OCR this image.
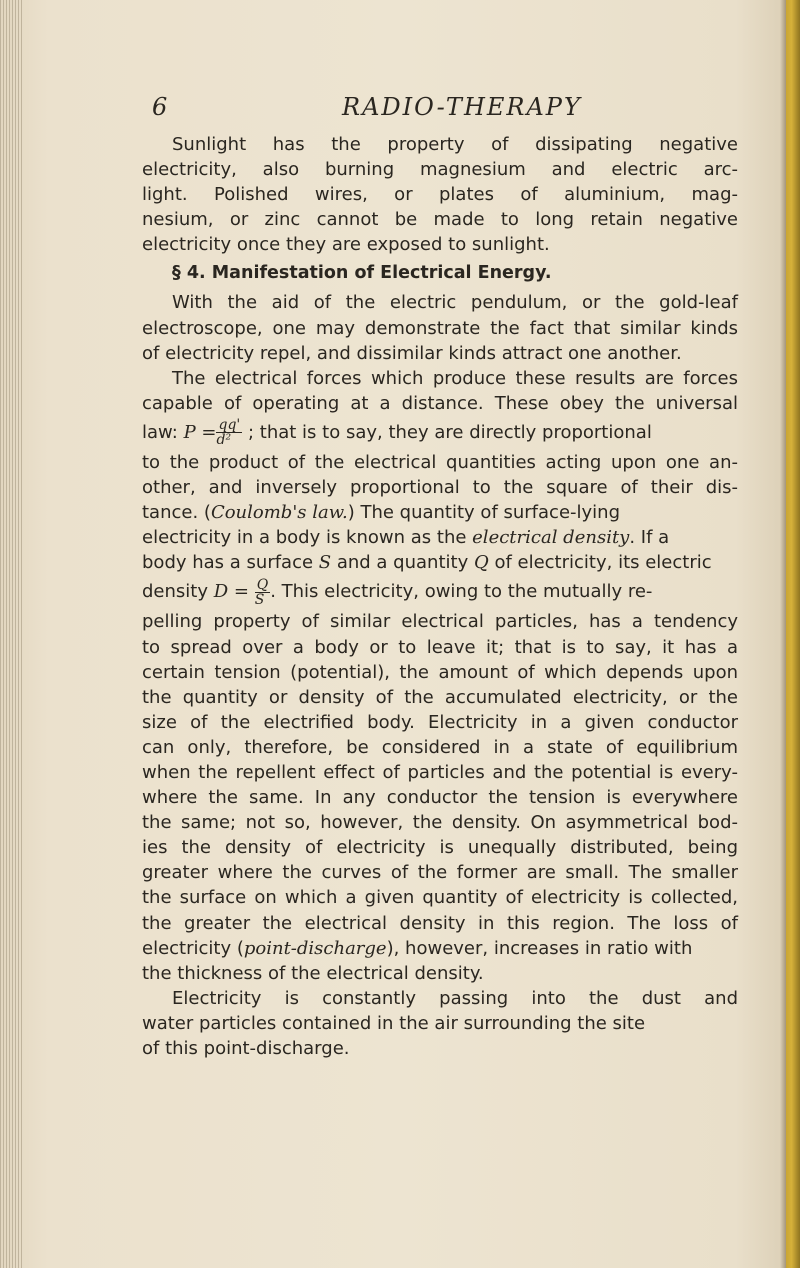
6	RADIO-THERAPY
Sunlight has the property of dissipating negative
electricity, also burning magnesium and electric arc-
light. Polished wires, or plates of aluminium, mag-
nesium, or zinc cannot be made to long retain negative
electricity once they are exposed to sunlight.
§ 4. Manifestation of Electrical Energy.
With the aid of the electric pendulum, or the gold-leaf
electroscope, one may demonstrate the fact that similar kinds
of electricity repel, and dissimilar kinds attract one another.
The electrical forces which produce these results are forces
capable of operating at a distance. These obey the universal
law: $P = \frac{qq'}{\text{d²}}$ ; that is to say, they are directly proportional
to the product of the electrical quantities acting upon one an-
other, and inversely proportional to the square of their dis-
tance. (Coulomb's law.) The quantity of surface-lying
electricity in a body is known as the electrical density. If a
body has a surface S and a quantity Q of electricity, its electric
density $D = \frac{Q}{S}$ . This electricity, owing to the mutually re-
pelling property of similar electrical particles, has a tendency
to spread over a body or to leave it; that is to say, it has a
certain tension (potential), the amount of which depends upon
the quantity or density of the accumulated electricity, or the
size of the electrified body. Electricity in a given conductor
can only, therefore, be considered in a state of equilibrium
when the repellent effect of particles and the potential is every-
where the same. In any conductor the tension is everywhere
the same; not so, however, the density. On asymmetrical bod-
ies the density of electricity is unequally distributed, being
greater where the curves of the former are small. The smaller
the surface on which a given quantity of electricity is collected,
the greater the electrical density in this region. The loss of
electricity (point-discharge), however, increases in ratio with
the thickness of the electrical density.
Electricity is constantly passing into the dust and
water particles contained in the air surrounding the site
of this point-discharge.
